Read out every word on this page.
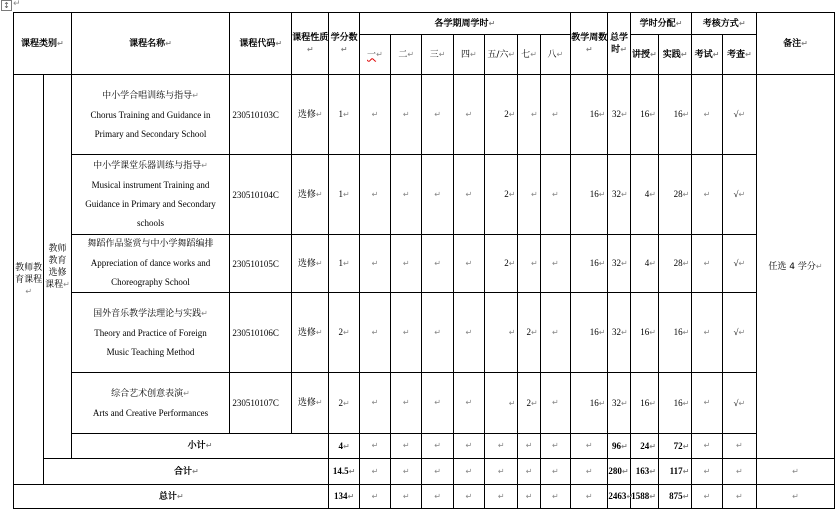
↕ ↵
课程类别↵		课程名称↵	课程代码↵	课程性质↵	学分数↵	各学期周学时↵							教学周数↵	总学时↵	学时分配↵		考核方式↵		备注↵
						一↵	二↵	三↵	四↵	五/六↵	七↵	八↵			讲授↵	实践↵	考试↵	考查↵	

教师教育课程↵	教师教育选修课程↵	中小学合唱训练与指导↵
Chorus Training and Guidance in
Primary and Secondary School	230510103C	选修↵	1↵	↵	↵	↵	↵	2↵	↵	↵	16↵	32↵	16↵	16↵	↵	√↵	任选 4 学分↵

		中小学课堂乐器训练与指导↵
Musical instrument Training and
Guidance in Primary and Secondary
schools	230510104C	选修↵	1↵	↵	↵	↵	↵	2↵	↵	↵	16↵	32↵	4↵	28↵	↵	√↵	

		舞蹈作品鉴赏与中小学舞蹈编排
Appreciation of dance works and
Choreography School	230510105C	选修↵	1↵	↵	↵	↵	↵	2↵	↵	↵	16↵	32↵	4↵	28↵	↵	√↵	

		国外音乐教学法理论与实践↵
Theory and Practice of Foreign
Music Teaching Method	230510106C	选修↵	2↵	↵	↵	↵	↵	↵	2↵	↵	16↵	32↵	16↵	16↵	↵	√↵	

		综合艺术创意表演↵
Arts and Creative Performances	230510107C	选修↵	2↵	↵	↵	↵	↵	↵	2↵	↵	16↵	32↵	16↵	16↵	↵	√↵	
		小计↵			4↵	↵	↵	↵	↵	↵	↵	↵	↵	96↵	24↵	72↵	↵	↵	
	合计↵				14.5↵	↵	↵	↵	↵	↵	↵	↵	↵	280↵	163↵	117↵	↵	↵	↵
总计↵					134↵	↵	↵	↵	↵	↵	↵	↵	↵	2463↵	1588↵	875↵	↵	↵	↵
